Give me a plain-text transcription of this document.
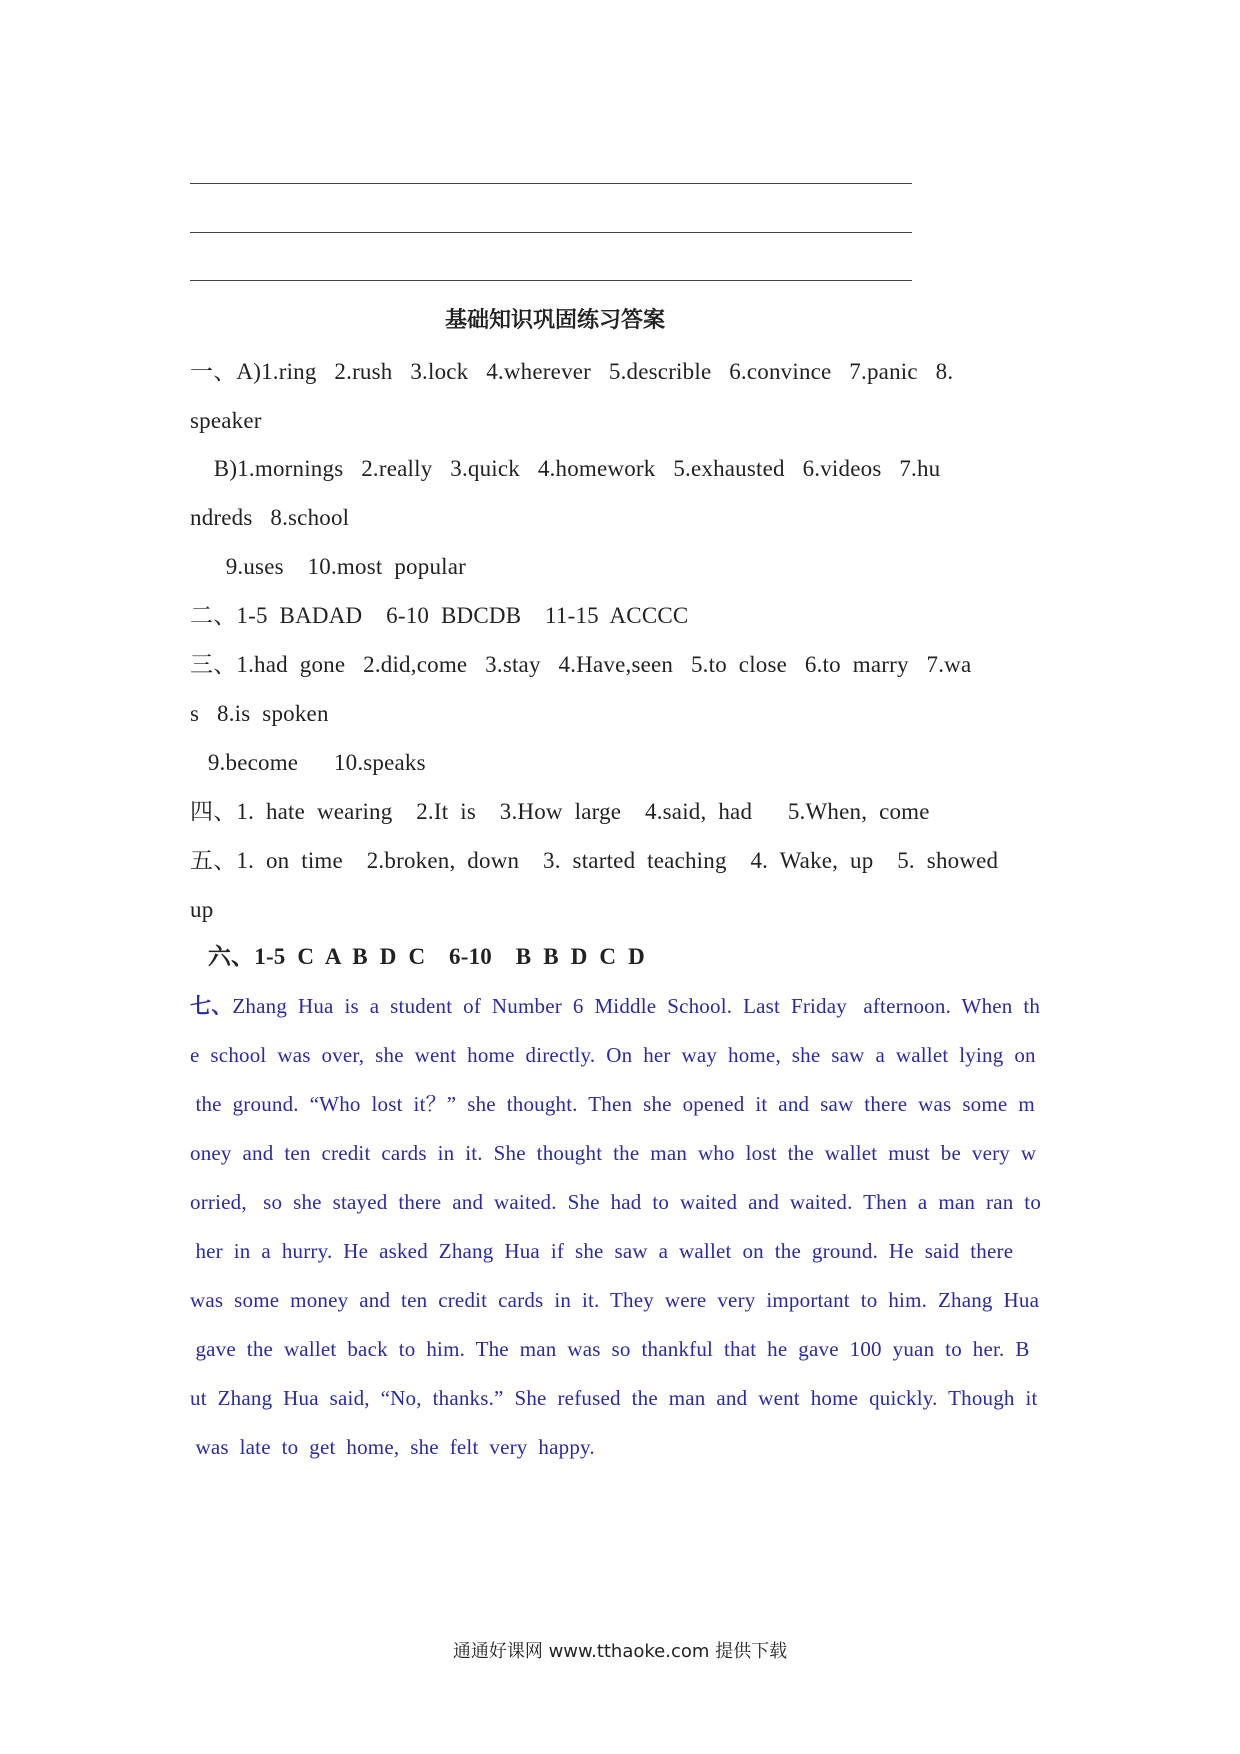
基础知识巩固练习答案
一、A)1.ring   2.rush   3.lock   4.wherever   5.describle   6.convince   7.panic   8.
speaker
B)1.mornings   2.really   3.quick   4.homework   5.exhausted   6.videos   7.hu
ndreds   8.school
9.uses    10.most  popular
二、1-5  BADAD    6-10  BDCDB    11-15  ACCCC
三、1.had  gone   2.did,come   3.stay   4.Have,seen   5.to  close   6.to  marry   7.wa
s   8.is  spoken
9.become      10.speaks
四、1.  hate  wearing    2.It  is    3.How  large    4.said,  had      5.When,  come
五、1.  on  time    2.broken,  down    3.  started  teaching    4.  Wake,  up    5.  showed
up
六、1-5  C  A  B  D  C    6-10    B  B  D  C  D
七、Zhang  Hua  is  a  student  of  Number  6  Middle  School.  Last  Friday   afternoon.  When  th
e  school  was  over,  she  went  home  directly.  On  her  way  home,  she  saw  a  wallet  lying  on
the  ground.  “Who  lost  it？”  she  thought.  Then  she  opened  it  and  saw  there  was  some  m
oney  and  ten  credit  cards  in  it.  She  thought  the  man  who  lost  the  wallet  must  be  very  w
orried,   so  she  stayed  there  and  waited.  She  had  to  waited  and  waited.  Then  a  man  ran  to
her  in  a  hurry.  He  asked  Zhang  Hua  if  she  saw  a  wallet  on  the  ground.  He  said  there
was  some  money  and  ten  credit  cards  in  it.  They  were  very  important  to  him.  Zhang  Hua
gave  the  wallet  back  to  him.  The  man  was  so  thankful  that  he  gave  100  yuan  to  her.  B
ut  Zhang  Hua  said,  “No,  thanks.”  She  refused  the  man  and  went  home  quickly.  Though  it
was  late  to  get  home,  she  felt  very  happy.
通通好课网 www.tthaoke.com 提供下载
